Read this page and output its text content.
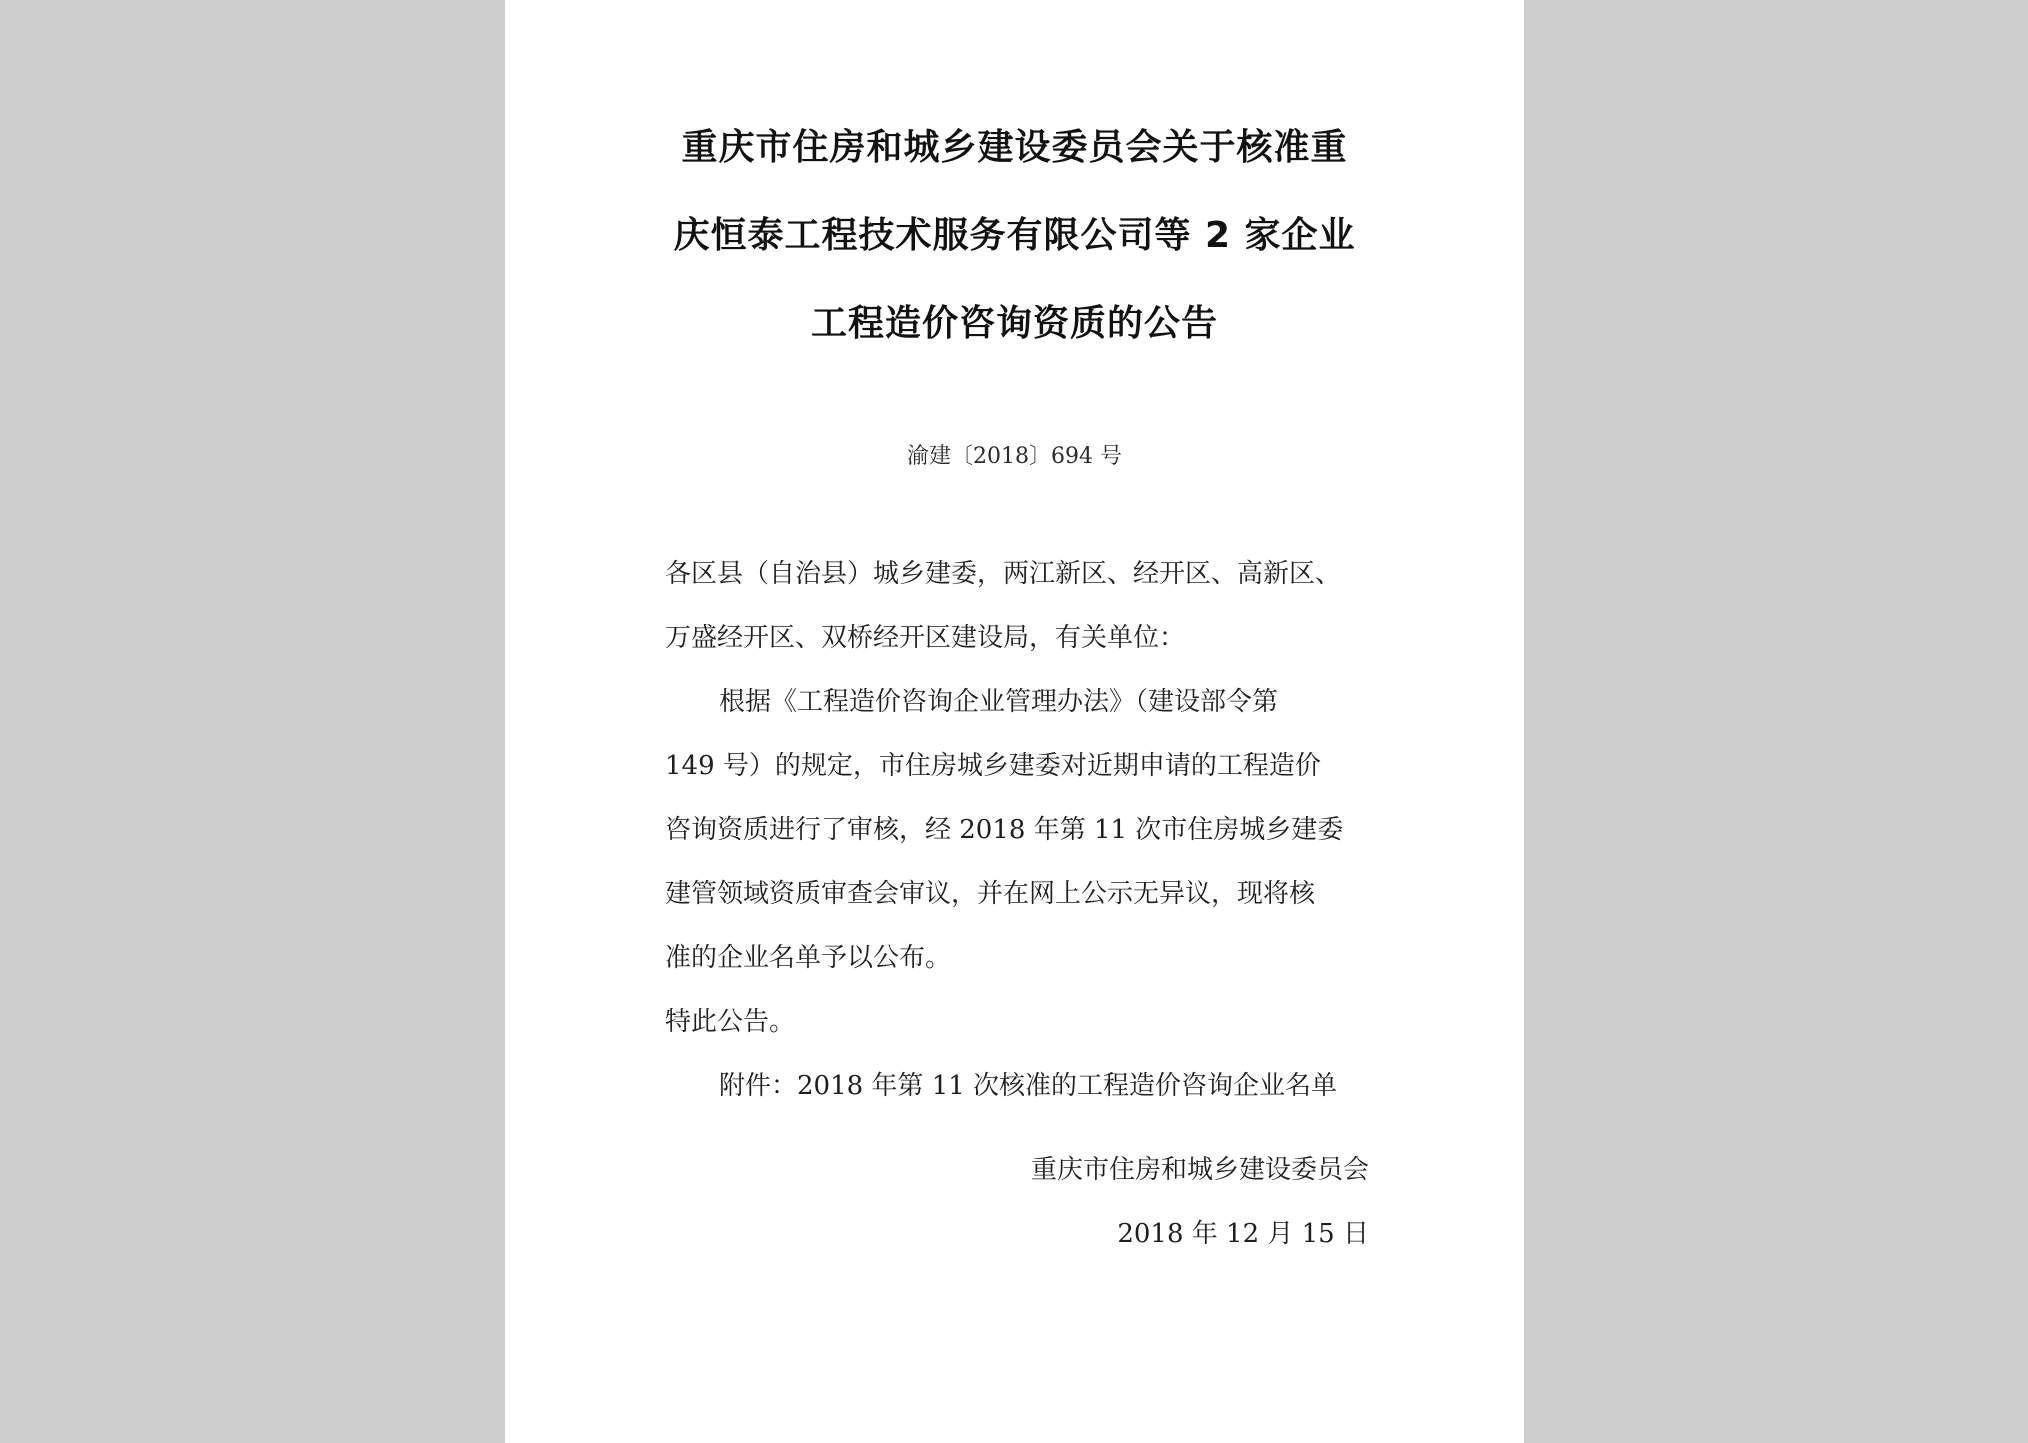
重庆市住房和城乡建设委员会关于核准重
庆恒泰工程技术服务有限公司等 2 家企业
工程造价咨询资质的公告
渝建〔2018〕694 号
各区县（自治县）城乡建委，两江新区、经开区、高新区、
万盛经开区、双桥经开区建设局，有关单位：
根据《工程造价咨询企业管理办法》（建设部令第
149 号）的规定，市住房城乡建委对近期申请的工程造价
咨询资质进行了审核，经 2018 年第 11 次市住房城乡建委
建管领域资质审查会审议，并在网上公示无异议，现将核
准的企业名单予以公布。
特此公告。
附件：2018 年第 11 次核准的工程造价咨询企业名单
重庆市住房和城乡建设委员会
2018 年 12 月 15 日
